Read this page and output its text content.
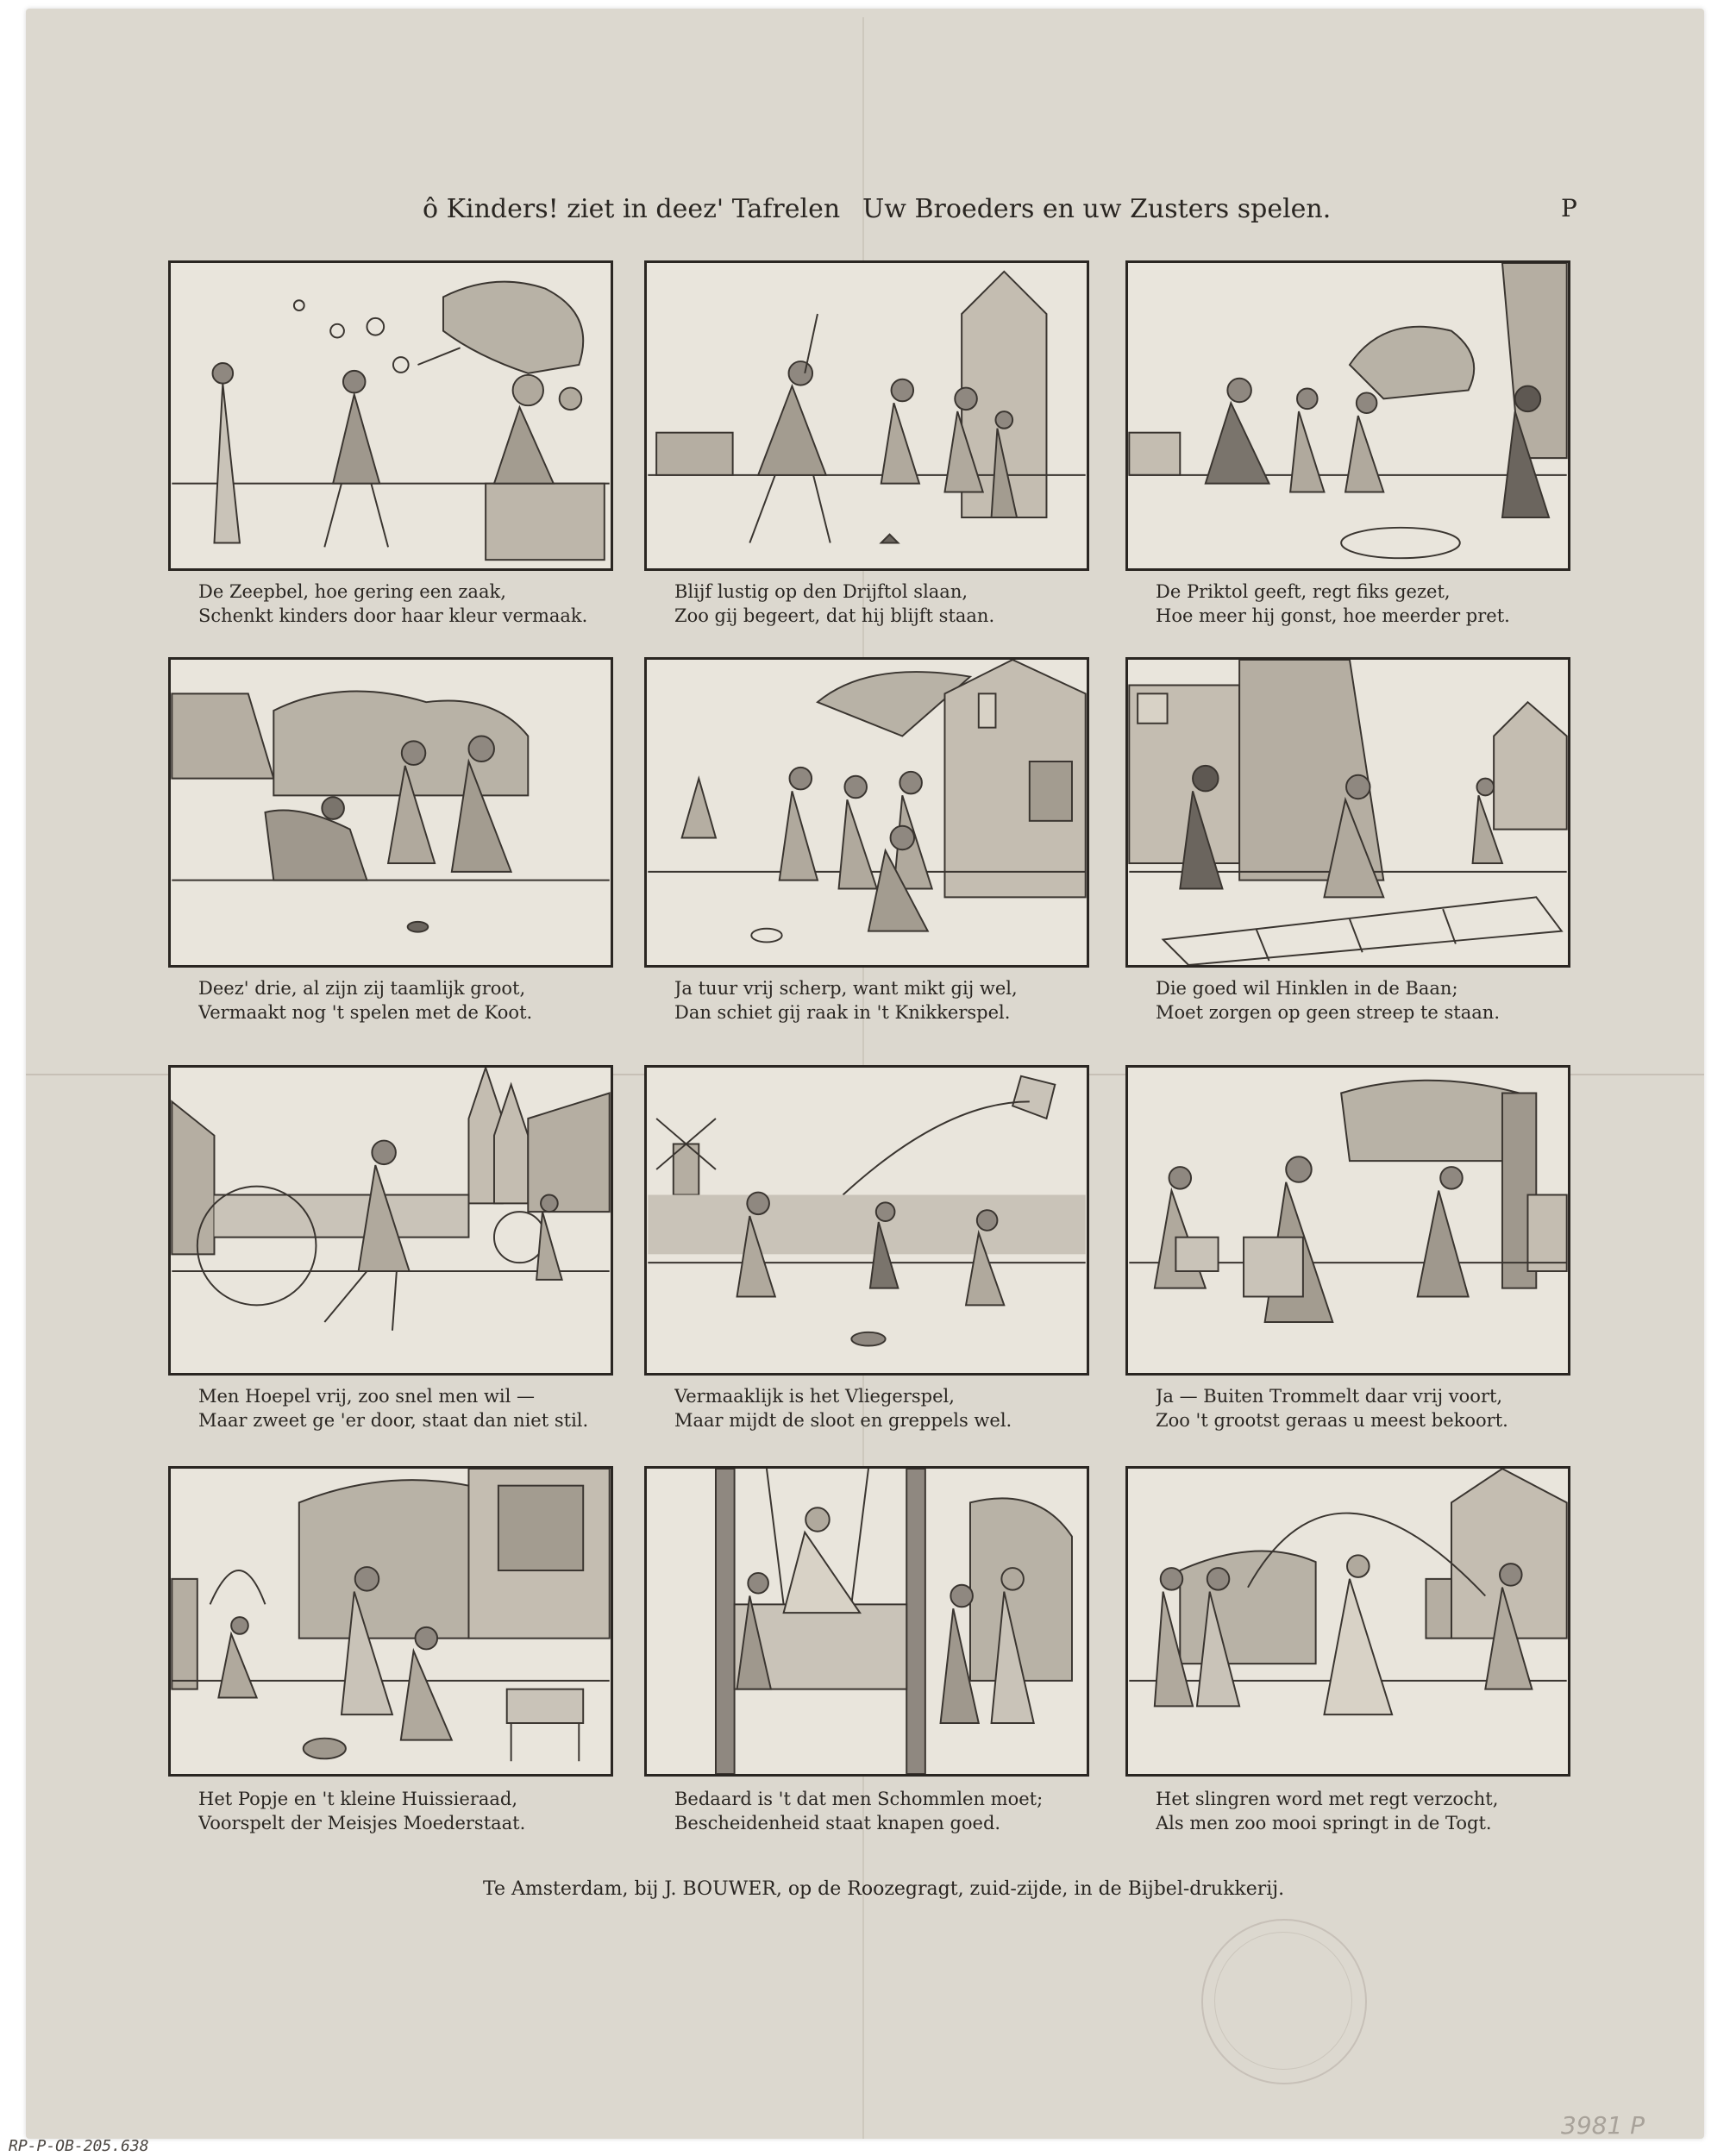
ô Kinders! ziet in deez' Tafrelen Uw Broeders en uw Zusters spelen.	P
De Zeepbel, hoe gering een zaak,
Schenkt kinders door haar kleur vermaak.
Blijf lustig op den Drijftol slaan,
Zoo gij begeert, dat hij blijft staan.
De Priktol geeft, regt fiks gezet,
Hoe meer hij gonst, hoe meerder pret.
Deez' drie, al zijn zij taamlijk groot,
Vermaakt nog 't spelen met de Koot.
Ja tuur vrij scherp, want mikt gij wel,
Dan schiet gij raak in 't Knikkerspel.
Die goed wil Hinklen in de Baan;
Moet zorgen op geen streep te staan.
Men Hoepel vrij, zoo snel men wil —
Maar zweet ge 'er door, staat dan niet stil.
Vermaaklijk is het Vliegerspel,
Maar mijdt de sloot en greppels wel.
Ja — Buiten Trommelt daar vrij voort,
Zoo 't grootst geraas u meest bekoort.
Het Popje en 't kleine Huissieraad,
Voorspelt der Meisjes Moederstaat.
Bedaard is 't dat men Schommlen moet;
Bescheidenheid staat knapen goed.
Het slingren word met regt verzocht,
Als men zoo mooi springt in de Togt.
Te Amsterdam, bij J. BOUWER, op de Roozegragt, zuid-zijde, in de Bijbel-drukkerij.
3981 P
RP-P-OB-205.638
